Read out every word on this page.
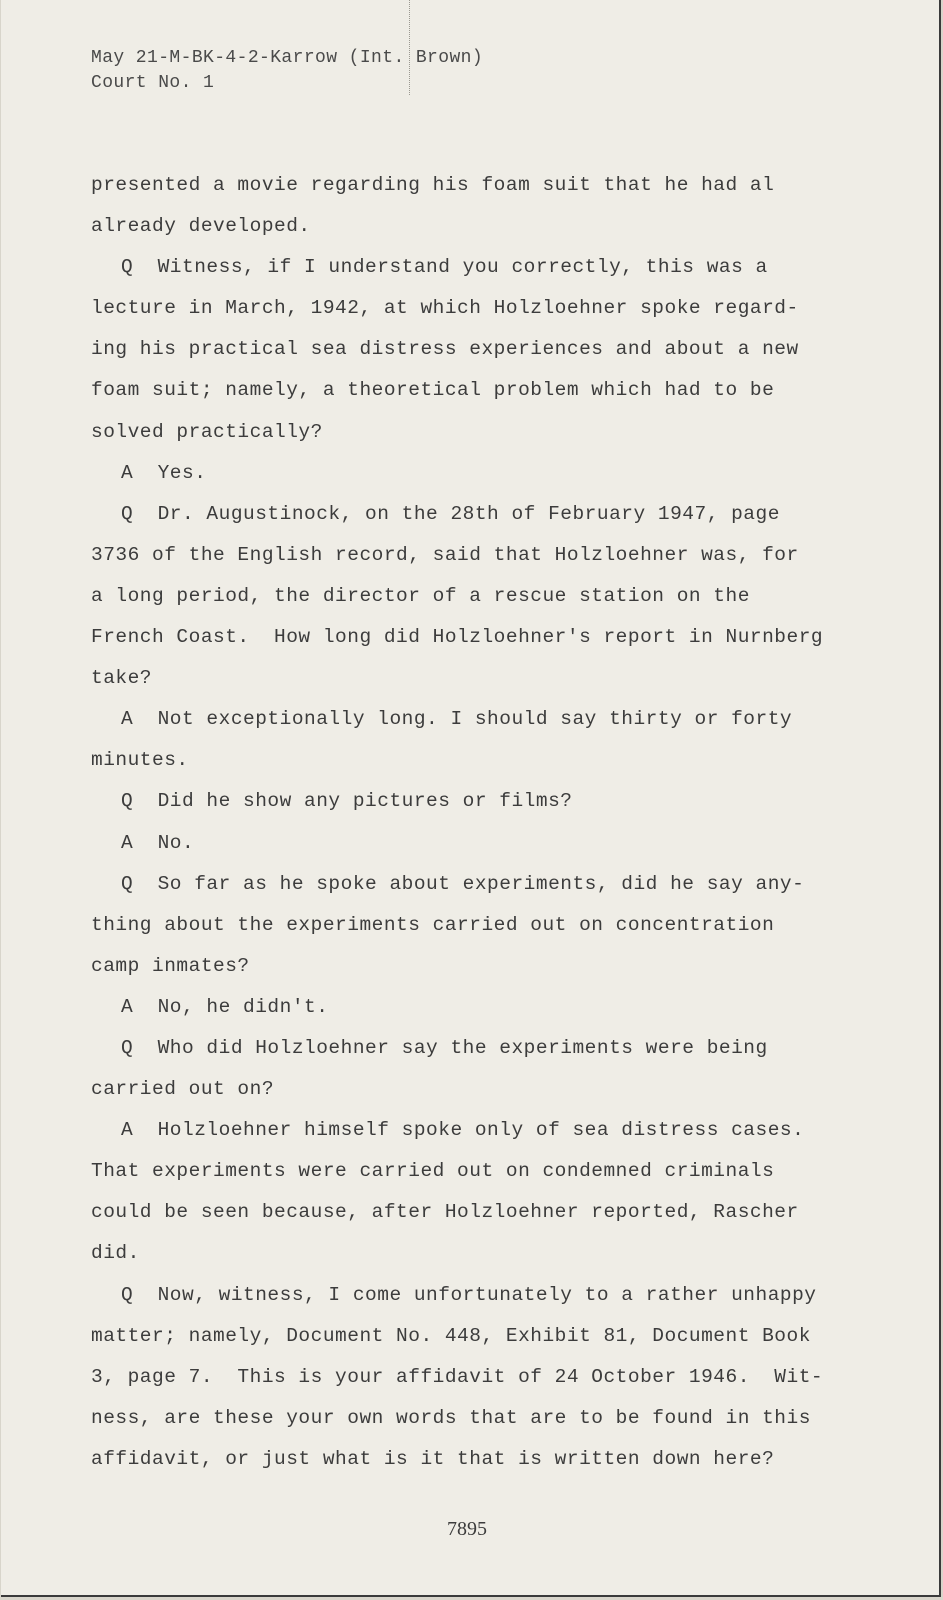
May 21-M-BK-4-2-Karrow (Int. Brown)
Court No. 1
presented a movie regarding his foam suit that he had al
already developed.
Q  Witness, if I understand you correctly, this was a
lecture in March, 1942, at which Holzloehner spoke regard-
ing his practical sea distress experiences and about a new
foam suit; namely, a theoretical problem which had to be
solved practically?
A  Yes.
Q  Dr. Augustinock, on the 28th of February 1947, page
3736 of the English record, said that Holzloehner was, for
a long period, the director of a rescue station on the
French Coast.  How long did Holzloehner's report in Nurnberg
take?
A  Not exceptionally long. I should say thirty or forty
minutes.
Q  Did he show any pictures or films?
A  No.
Q  So far as he spoke about experiments, did he say any-
thing about the experiments carried out on concentration
camp inmates?
A  No, he didn't.
Q  Who did Holzloehner say the experiments were being
carried out on?
A  Holzloehner himself spoke only of sea distress cases.
That experiments were carried out on condemned criminals
could be seen because, after Holzloehner reported, Rascher
did.
Q  Now, witness, I come unfortunately to a rather unhappy
matter; namely, Document No. 448, Exhibit 81, Document Book
3, page 7.  This is your affidavit of 24 October 1946.  Wit-
ness, are these your own words that are to be found in this
affidavit, or just what is it that is written down here?
7895
